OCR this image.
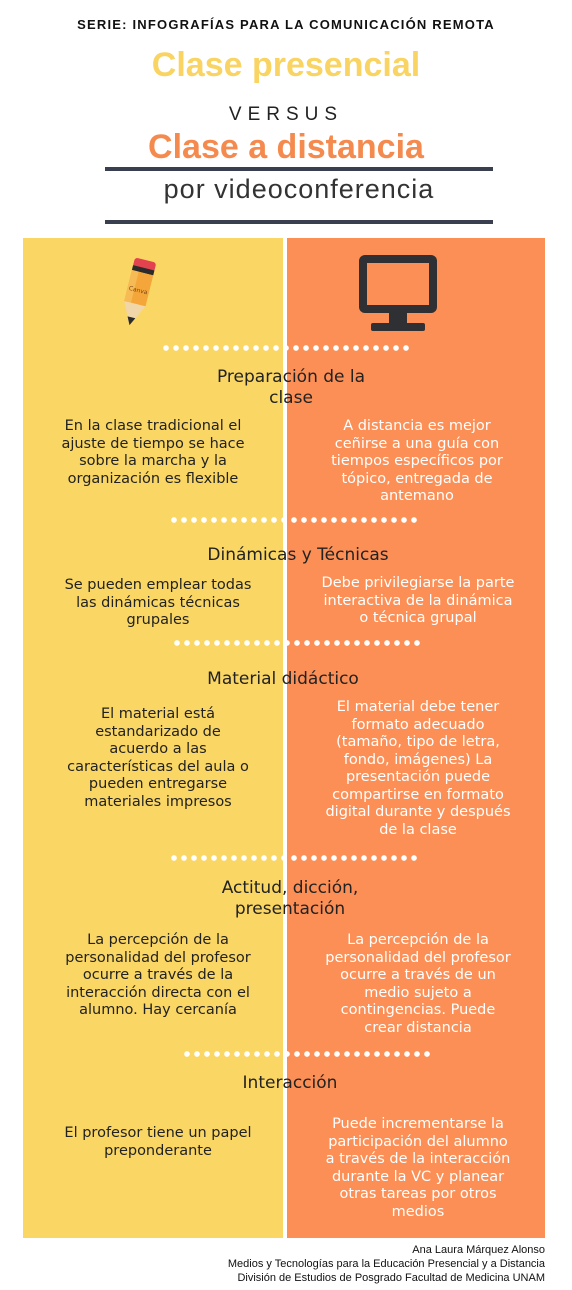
SERIE: INFOGRAFÍAS PARA LA COMUNICACIÓN REMOTA
Clase presencial
VERSUS
Clase a distancia
por videoconferencia
Canva
Preparación de la
clase
En la clase tradicional el
ajuste de tiempo se hace
sobre la marcha y la
organización es flexible
A distancia es mejor
ceñirse a una guía con
tiempos específicos por
tópico, entregada de
antemano
Dinámicas y Técnicas
Se pueden emplear todas
las dinámicas técnicas
grupales
Debe privilegiarse la parte
interactiva de la dinámica
o técnica grupal
Material didáctico
El material está
estandarizado de
acuerdo a las
características del aula o
pueden entregarse
materiales impresos
El material debe tener
formato adecuado
(tamaño, tipo de letra,
fondo, imágenes) La
presentación puede
compartirse en formato
digital durante y después
de la clase
Actitud, dicción,
presentación
La percepción de la
personalidad del profesor
ocurre a través de la
interacción directa con el
alumno. Hay cercanía
La percepción de la
personalidad del profesor
ocurre a través de un
medio sujeto a
contingencias. Puede
crear distancia
Interacción
El profesor tiene un papel
preponderante
Puede incrementarse la
participación del alumno
a través de la interacción
durante la VC y planear
otras tareas por otros
medios
Ana Laura Márquez Alonso
Medios y Tecnologías para la Educación Presencial y a Distancia
División de Estudios de Posgrado Facultad de Medicina UNAM
